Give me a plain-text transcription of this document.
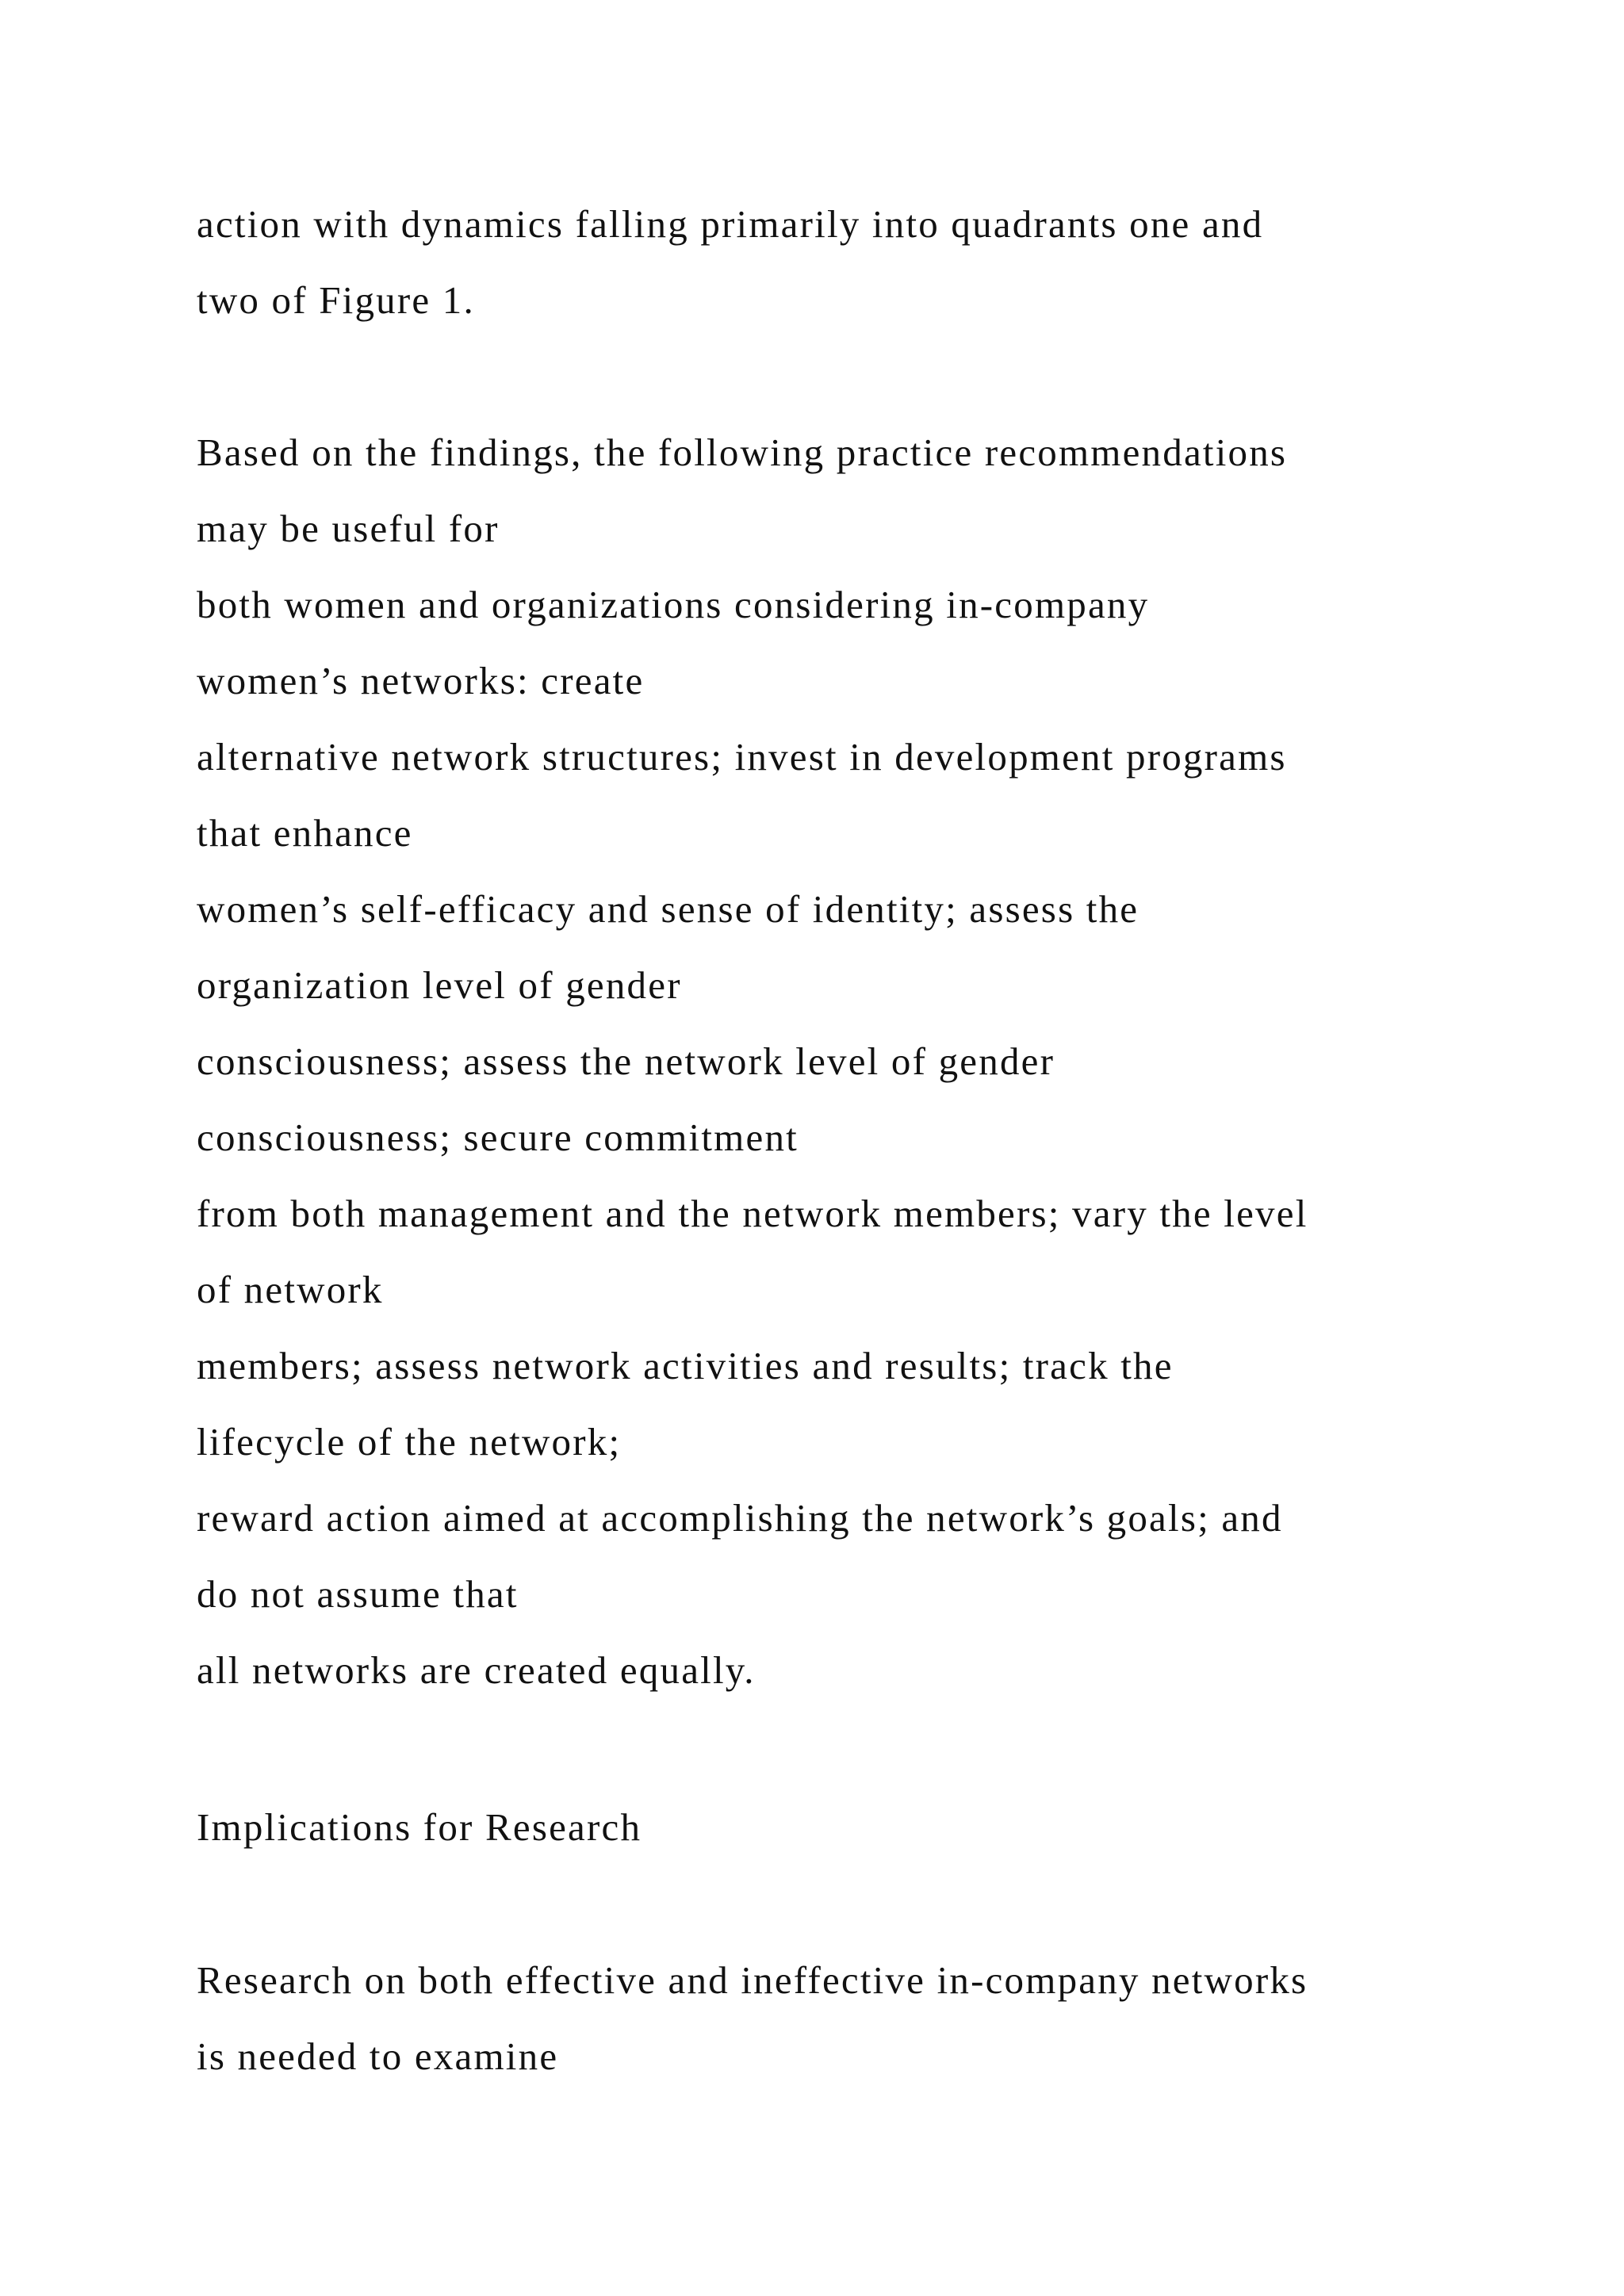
action with dynamics falling primarily into quadrants one and
two of Figure 1.
Based on the findings, the following practice recommendations
may be useful for
both women and organizations considering in-company
women’s networks: create
alternative network structures; invest in development programs
that enhance
women’s self-efficacy and sense of identity; assess the
organization level of gender
consciousness; assess the network level of gender
consciousness; secure commitment
from both management and the network members; vary the level
of network
members; assess network activities and results; track the
lifecycle of the network;
reward action aimed at accomplishing the network’s goals; and
do not assume that
all networks are created equally.
Implications for Research
Research on both effective and ineffective in-company networks
is needed to examine
